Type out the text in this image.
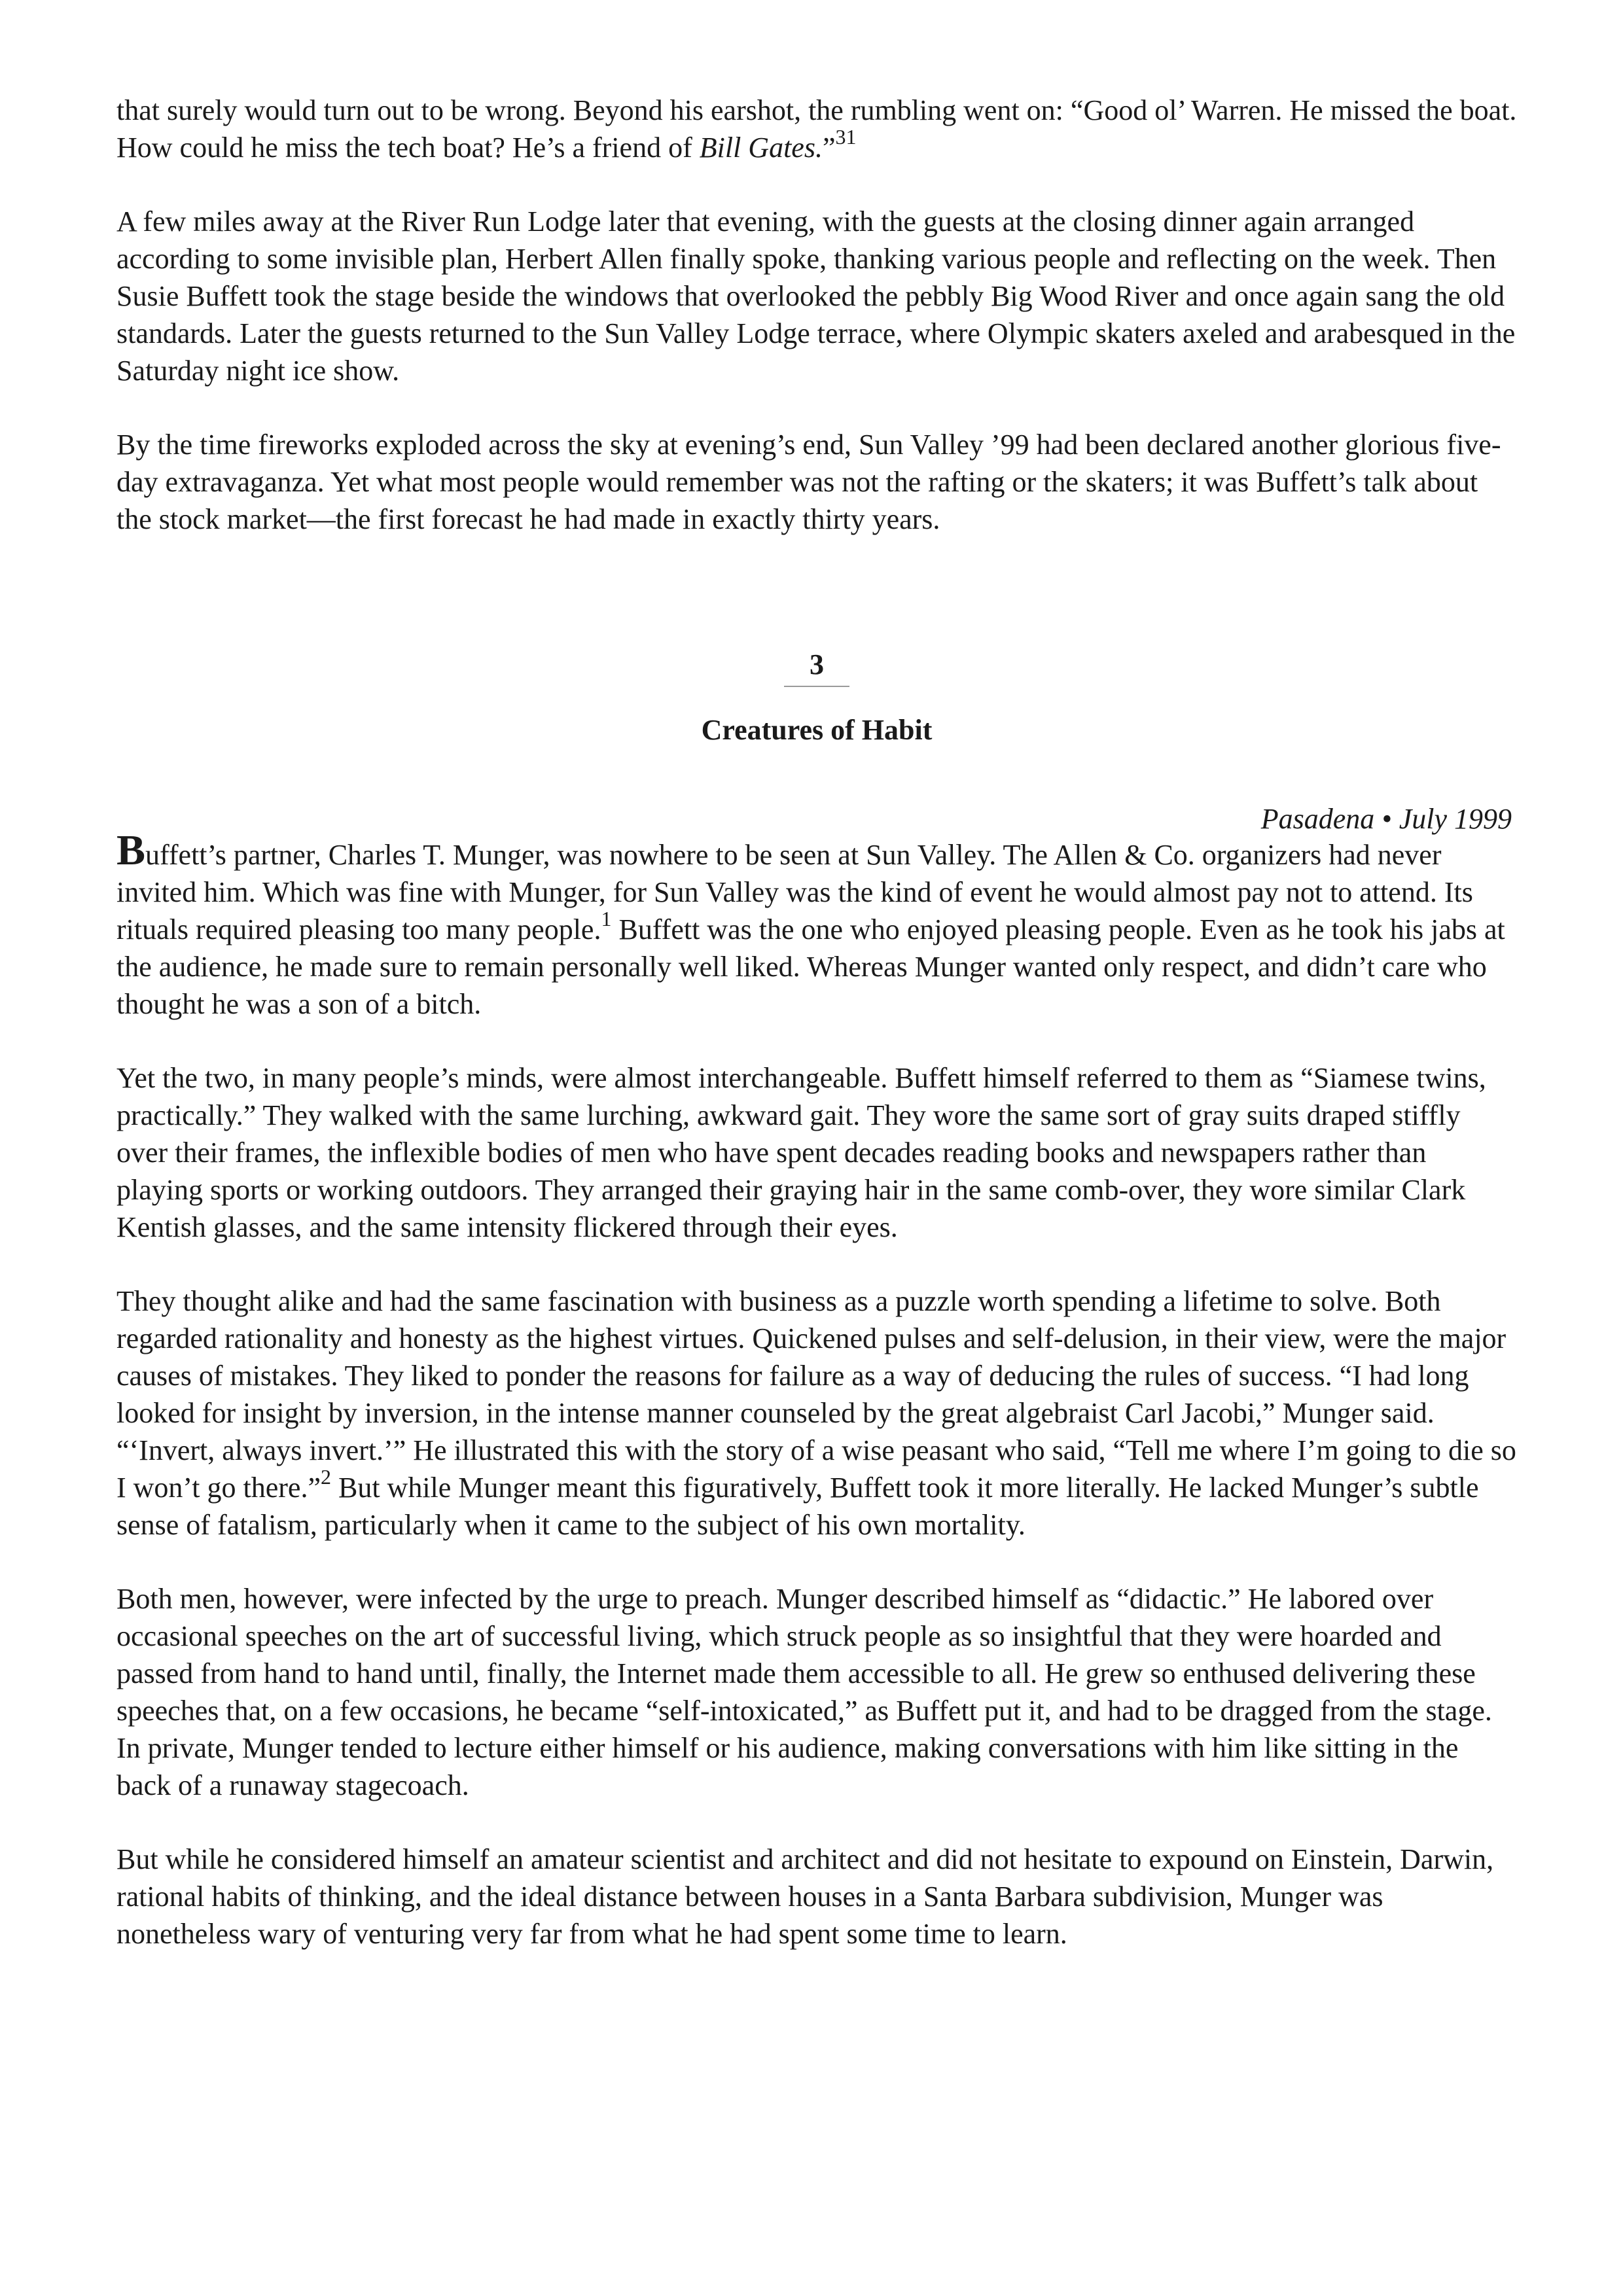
that surely would turn out to be wrong. Beyond his earshot, the rumbling went on: “Good ol’ Warren. He missed the boat. How could he miss the tech boat? He’s a friend of Bill Gates.”$^{31}$

A few miles away at the River Run Lodge later that evening, with the guests at the closing dinner again arranged according to some invisible plan, Herbert Allen finally spoke, thanking various people and reflecting on the week. Then Susie Buffett took the stage beside the windows that overlooked the pebbly Big Wood River and once again sang the old standards. Later the guests returned to the Sun Valley Lodge terrace, where Olympic skaters axeled and arabesqued in the Saturday night ice show.

By the time fireworks exploded across the sky at evening’s end, Sun Valley ’99 had been declared another glorious five-day extravaganza. Yet what most people would remember was not the rafting or the skaters; it was Buffett’s talk about the stock market—the first forecast he had made in exactly thirty years.

3
Creatures of Habit
Pasadena • July 1999

Buffett’s partner, Charles T. Munger, was nowhere to be seen at Sun Valley. The Allen & Co. organizers had never invited him. Which was fine with Munger, for Sun Valley was the kind of event he would almost pay not to attend. Its rituals required pleasing too many people.$^1$ Buffett was the one who enjoyed pleasing people. Even as he took his jabs at the audience, he made sure to remain personally well liked. Whereas Munger wanted only respect, and didn’t care who thought he was a son of a bitch.

Yet the two, in many people’s minds, were almost interchangeable. Buffett himself referred to them as “Siamese twins, practically.” They walked with the same lurching, awkward gait. They wore the same sort of gray suits draped stiffly over their frames, the inflexible bodies of men who have spent decades reading books and newspapers rather than playing sports or working outdoors. They arranged their graying hair in the same comb-over, they wore similar Clark Kentish glasses, and the same intensity flickered through their eyes.

They thought alike and had the same fascination with business as a puzzle worth spending a lifetime to solve. Both regarded rationality and honesty as the highest virtues. Quickened pulses and self-delusion, in their view, were the major causes of mistakes. They liked to ponder the reasons for failure as a way of deducing the rules of success. “I had long looked for insight by inversion, in the intense manner counseled by the great algebraist Carl Jacobi,” Munger said. “‘Invert, always invert.’” He illustrated this with the story of a wise peasant who said, “Tell me where I’m going to die so I won’t go there.”$^2$ But while Munger meant this figuratively, Buffett took it more literally. He lacked Munger’s subtle sense of fatalism, particularly when it came to the subject of his own mortality.

Both men, however, were infected by the urge to preach. Munger described himself as “didactic.” He labored over occasional speeches on the art of successful living, which struck people as so insightful that they were hoarded and passed from hand to hand until, finally, the Internet made them accessible to all. He grew so enthused delivering these speeches that, on a few occasions, he became “self-intoxicated,” as Buffett put it, and had to be dragged from the stage. In private, Munger tended to lecture either himself or his audience, making conversations with him like sitting in the back of a runaway stagecoach.

But while he considered himself an amateur scientist and architect and did not hesitate to expound on Einstein, Darwin, rational habits of thinking, and the ideal distance between houses in a Santa Barbara subdivision, Munger was nonetheless wary of venturing very far from what he had spent some time to learn.
